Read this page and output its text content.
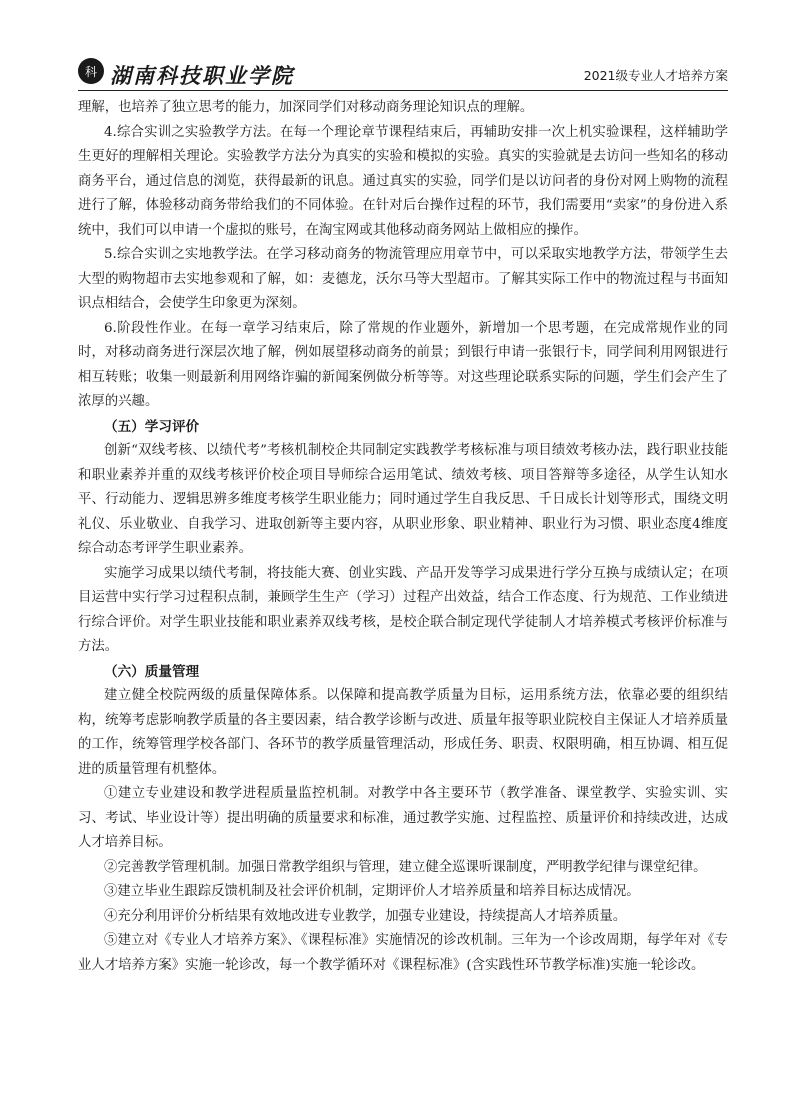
科 湖南科技职业学院	2021级专业人才培养方案

理解，也培养了独立思考的能力，加深同学们对移动商务理论知识点的理解。

4.综合实训之实验教学方法。在每一个理论章节课程结束后，再辅助安排一次上机实验课程，这样辅助学生更好的理解相关理论。实验教学方法分为真实的实验和模拟的实验。真实的实验就是去访问一些知名的移动商务平台，通过信息的浏览，获得最新的讯息。通过真实的实验，同学们是以访问者的身份对网上购物的流程进行了解，体验移动商务带给我们的不同体验。在针对后台操作过程的环节，我们需要用“卖家”的身份进入系统中，我们可以申请一个虚拟的账号，在淘宝网或其他移动商务网站上做相应的操作。

5.综合实训之实地教学法。在学习移动商务的物流管理应用章节中，可以采取实地教学方法，带领学生去大型的购物超市去实地参观和了解，如：麦德龙，沃尔马等大型超市。了解其实际工作中的物流过程与书面知识点相结合，会使学生印象更为深刻。

6.阶段性作业。在每一章学习结束后，除了常规的作业题外，新增加一个思考题，在完成常规作业的同时，对移动商务进行深层次地了解，例如展望移动商务的前景；到银行申请一张银行卡，同学间利用网银进行相互转账；收集一则最新利用网络诈骗的新闻案例做分析等等。对这些理论联系实际的问题，学生们会产生了浓厚的兴趣。

（五）学习评价

创新“双线考核、以绩代考”考核机制校企共同制定实践教学考核标准与项目绩效考核办法，践行职业技能和职业素养并重的双线考核评价校企项目导师综合运用笔试、绩效考核、项目答辩等多途径，从学生认知水平、行动能力、逻辑思辨多维度考核学生职业能力；同时通过学生自我反思、千日成长计划等形式，围绕文明礼仪、乐业敬业、自我学习、进取创新等主要内容，从职业形象、职业精神、职业行为习惯、职业态度4维度综合动态考评学生职业素养。

实施学习成果以绩代考制，将技能大赛、创业实践、产品开发等学习成果进行学分互换与成绩认定；在项目运营中实行学习过程积点制，兼顾学生生产（学习）过程产出效益，结合工作态度、行为规范、工作业绩进行综合评价。对学生职业技能和职业素养双线考核，是校企联合制定现代学徒制人才培养模式考核评价标准与方法。

（六）质量管理

建立健全校院两级的质量保障体系。以保障和提高教学质量为目标，运用系统方法，依靠必要的组织结构，统筹考虑影响教学质量的各主要因素，结合教学诊断与改进、质量年报等职业院校自主保证人才培养质量的工作，统筹管理学校各部门、各环节的教学质量管理活动，形成任务、职责、权限明确，相互协调、相互促进的质量管理有机整体。

①建立专业建设和教学进程质量监控机制。对教学中各主要环节（教学准备、课堂教学、实验实训、实习、考试、毕业设计等）提出明确的质量要求和标准，通过教学实施、过程监控、质量评价和持续改进，达成人才培养目标。

②完善教学管理机制。加强日常教学组织与管理，建立健全巡课听课制度，严明教学纪律与课堂纪律。

③建立毕业生跟踪反馈机制及社会评价机制，定期评价人才培养质量和培养目标达成情况。

④充分利用评价分析结果有效地改进专业教学，加强专业建设，持续提高人才培养质量。

⑤建立对《专业人才培养方案》、《课程标准》实施情况的诊改机制。三年为一个诊改周期，每学年对《专业人才培养方案》实施一轮诊改，每一个教学循环对《课程标准》(含实践性环节教学标准)实施一轮诊改。
